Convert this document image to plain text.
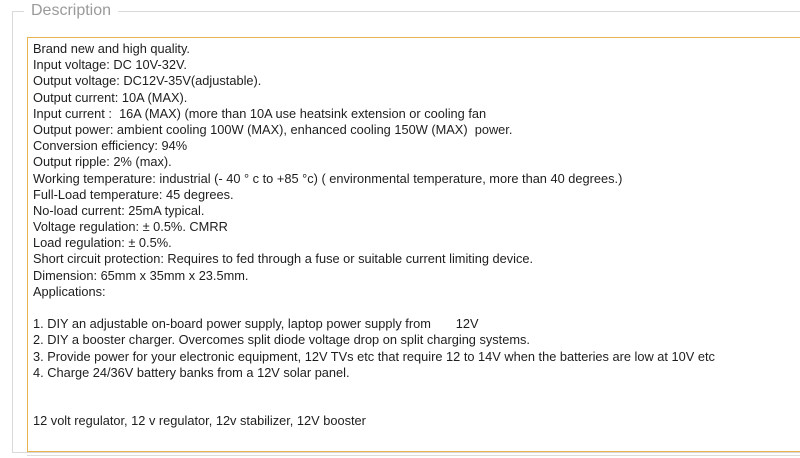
Description
Brand new and high quality.
Input voltage: DC 10V-32V.
Output voltage: DC12V-35V(adjustable).
Output current: 10A (MAX).
Input current :  16A (MAX) (more than 10A use heatsink extension or cooling fan
Output power: ambient cooling 100W (MAX), enhanced cooling 150W (MAX)  power.
Conversion efficiency: 94%
Output ripple: 2% (max).
Working temperature: industrial (- 40 ° c to +85 °c) ( environmental temperature, more than 40 degrees.)
Full-Load temperature: 45 degrees.
No-load current: 25mA typical.
Voltage regulation: ± 0.5%. CMRR
Load regulation: ± 0.5%.
Short circuit protection: Requires to fed through a fuse or suitable current limiting device.
Dimension: 65mm x 35mm x 23.5mm.
Applications:
1. DIY an adjustable on-board power supply, laptop power supply from       12V
2. DIY a booster charger. Overcomes split diode voltage drop on split charging systems.
3. Provide power for your electronic equipment, 12V TVs etc that require 12 to 14V when the batteries are low at 10V etc
4. Charge 24/36V battery banks from a 12V solar panel.
12 volt regulator, 12 v regulator, 12v stabilizer, 12V booster
